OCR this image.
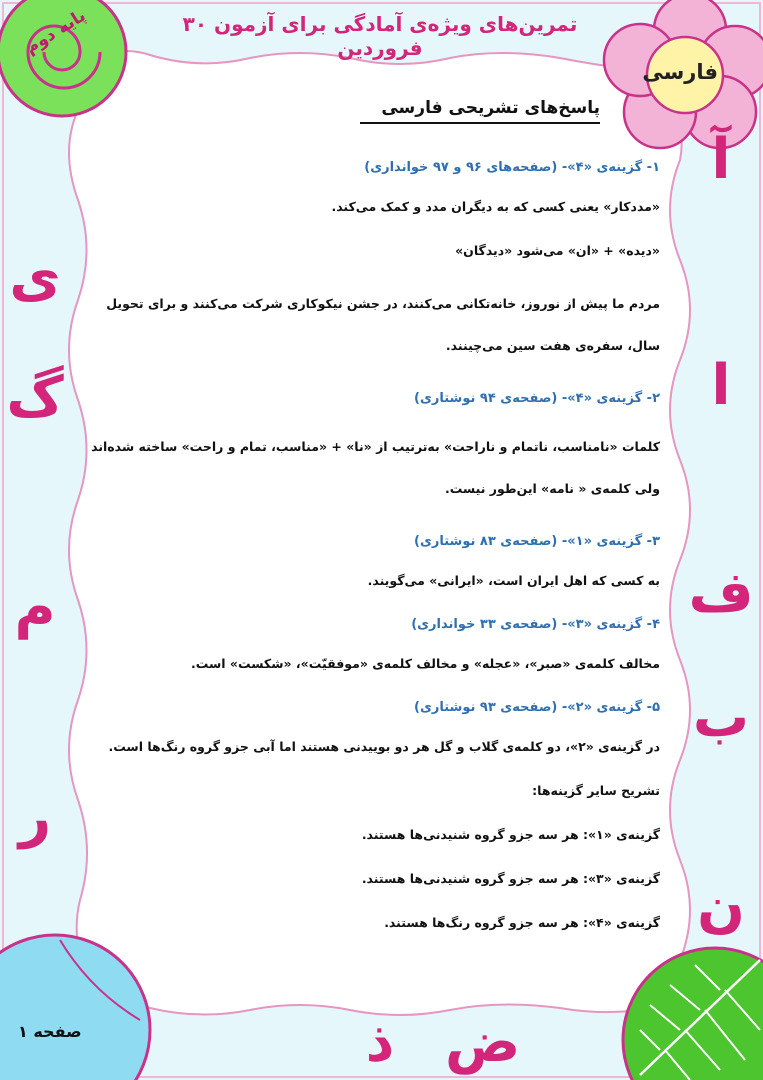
تمرین‌های ویژه‌ی آمادگی برای آزمون ۳۰ فروردین
پایه دوم
فارسی
پاسخ‌های تشریحی فارسی
آ
ا
ف
ب
ن
ی
گ
م
ر
ض
ذ
۱- گزینه‌ی «۴»- (صفحه‌های ۹۶ و ۹۷ خوانداری)

«مددکار» یعنی کسی که به دیگران مدد و کمک می‌کند.

«دیده» + «ان» می‌شود «دیدگان»

مردم ما پیش از نوروز، خانه‌تکانی می‌کنند، در جشن نیکوکاری شرکت می‌کنند و برای تحویل سال، سفره‌ی هفت سین می‌چینند.

۲- گزینه‌ی «۴»- (صفحه‌ی ۹۴ نوشتاری)

کلمات «نامناسب، ناتمام و ناراحت» به‌ترتیب از «نا» + «مناسب، تمام و راحت» ساخته شده‌اند ولی کلمه‌ی « نامه» این‌طور نیست.

۳- گزینه‌ی «۱»- (صفحه‌ی ۸۳ نوشتاری)

به کسی که اهل ایران است، «ایرانی» می‌گویند.

۴- گزینه‌ی «۳»- (صفحه‌ی ۳۳ خوانداری)

مخالف کلمه‌ی «صبر»، «عجله» و مخالف کلمه‌ی «موفقیّت»، «شکست» است.

۵- گزینه‌ی «۲»- (صفحه‌ی ۹۳ نوشتاری)

در گزینه‌ی «۲»، دو کلمه‌ی گلاب و گل هر دو بوییدنی هستند اما آبی جزو گروه رنگ‌ها است.

تشریح سایر گزینه‌ها:

گزینه‌ی «۱»: هر سه جزو گروه شنیدنی‌ها هستند.

گزینه‌ی «۳»: هر سه جزو گروه شنیدنی‌ها هستند.

گزینه‌ی «۴»: هر سه جزو گروه رنگ‌ها هستند.

صفحه ۱
